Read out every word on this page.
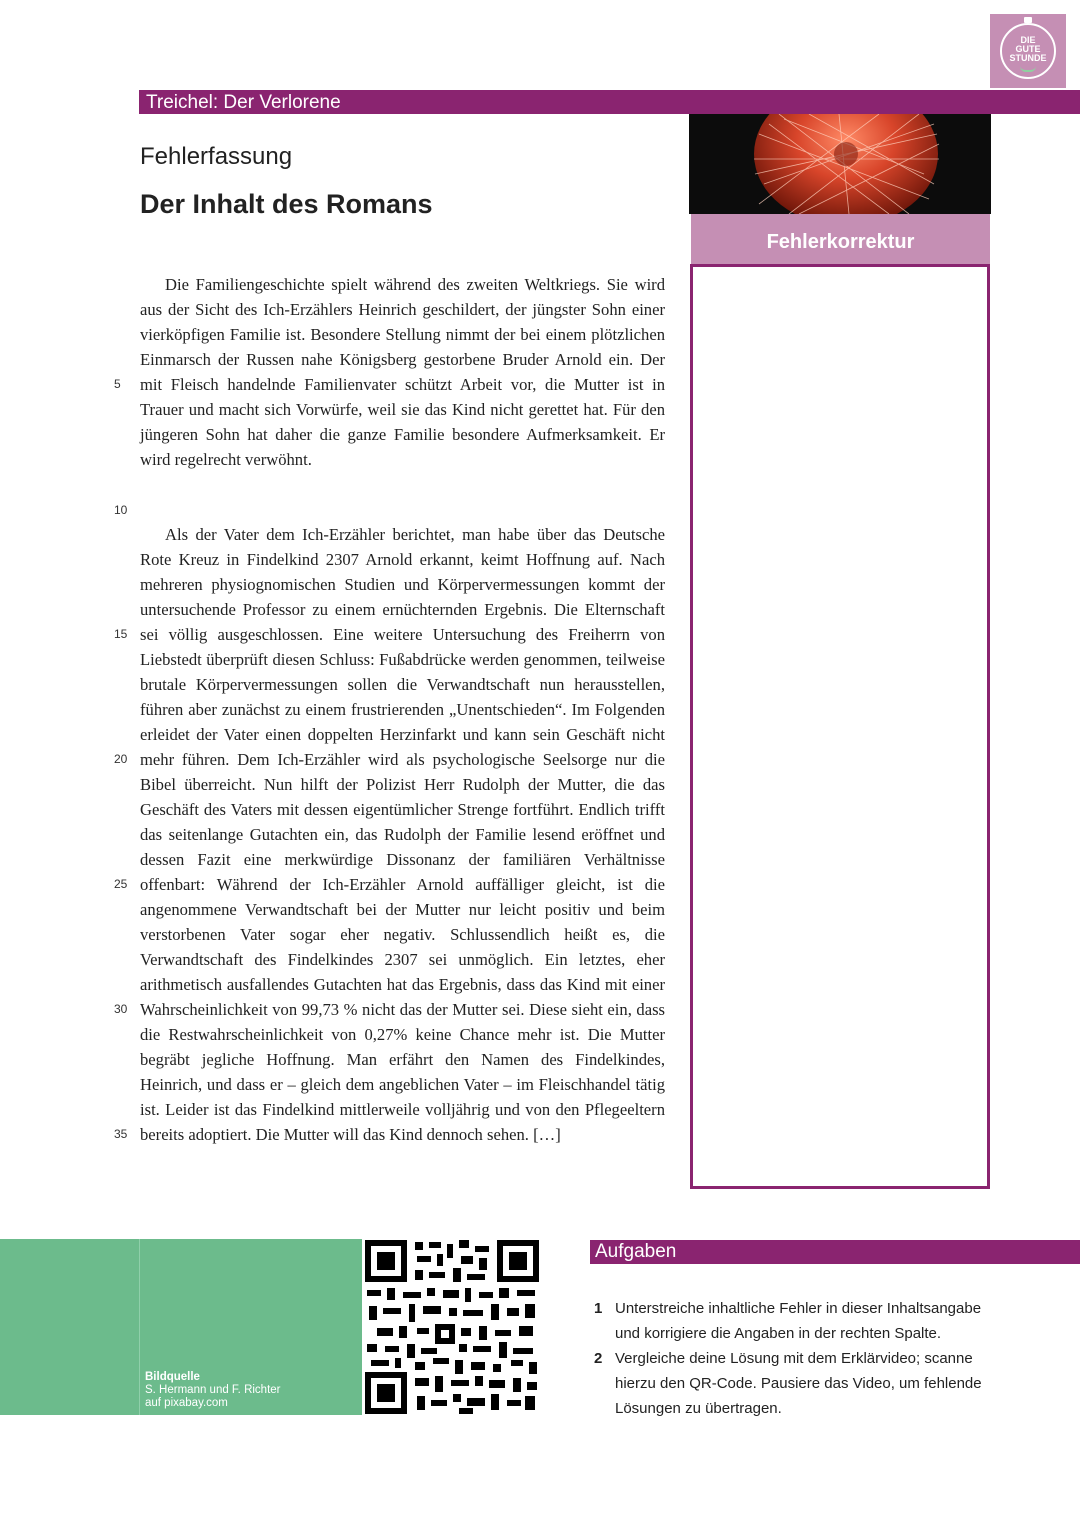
DIE
GUTE
STUNDE
Treichel: Der Verlorene
Fehlerkorrektur
Fehlerfassung
Der Inhalt des Romans

Die Familiengeschichte spielt während des zweiten Weltkriegs. Sie wird aus der Sicht des Ich-Erzählers Heinrich geschildert, der jüngster Sohn einer vierköpfigen Familie ist. Besondere Stellung nimmt der bei einem plötzlichen Einmarsch der Russen nahe Königsberg gestorbene Bruder Arnold ein. Der mit Fleisch handelnde Familienvater schützt Arbeit vor, die Mutter ist in Trauer und macht sich Vorwürfe, weil sie das Kind nicht gerettet hat. Für den jüngeren Sohn hat daher die ganze Familie besondere Aufmerksamkeit. Er wird regelrecht verwöhnt.

Als der Vater dem Ich-Erzähler berichtet, man habe über das Deutsche Rote Kreuz in Findelkind 2307 Arnold erkannt, keimt Hoffnung auf. Nach mehreren physiognomischen Studien und Körpervermessungen kommt der untersuchende Professor zu einem ernüchternden Ergebnis. Die Elternschaft sei völlig ausgeschlossen. Eine weitere Untersuchung des Freiherrn von Liebstedt überprüft diesen Schluss: Fußabdrücke werden genommen, teilweise brutale Körpervermessungen sollen die Verwandtschaft nun herausstellen, führen aber zunächst zu einem frustrierenden „Unentschieden“. Im Folgenden erleidet der Vater einen doppelten Herzinfarkt und kann sein Geschäft nicht mehr führen. Dem Ich-Erzähler wird als psychologische Seelsorge nur die Bibel überreicht. Nun hilft der Polizist Herr Rudolph der Mutter, die das Geschäft des Vaters mit dessen eigentümlicher Strenge fortführt. Endlich trifft das seitenlange Gutachten ein, das Rudolph der Familie lesend eröffnet und dessen Fazit eine merkwürdige Dissonanz der familiären Verhältnisse offenbart: Während der Ich-Erzähler Arnold auffälliger gleicht, ist die angenommene Verwandtschaft bei der Mutter nur leicht positiv und beim verstorbenen Vater sogar eher negativ. Schlussendlich heißt es, die Verwandtschaft des Findelkindes 2307 sei unmöglich. Ein letztes, eher arithmetisch ausfallendes Gutachten hat das Ergebnis, dass das Kind mit einer Wahrscheinlichkeit von 99,73 % nicht das der Mutter sei. Diese sieht ein, dass die Restwahrscheinlichkeit von 0,27% keine Chance mehr ist. Die Mutter begräbt jegliche Hoffnung. Man erfährt den Namen des Findelkindes, Heinrich, und dass er – gleich dem angeblichen Vater – im Fleischhandel tätig ist. Leider ist das Findelkind mittlerweile volljährig und von den Pflegeeltern bereits adoptiert. Die Mutter will das Kind dennoch sehen. […]

5
10
15
20
25
30
35
Bildquelle
S. Hermann und F. Richter
auf pixabay.com
Aufgaben
1 Unterstreiche inhaltliche Fehler in dieser Inhaltsangabe und korrigiere die Angaben in der rechten Spalte.
2 Vergleiche deine Lösung mit dem Erklärvideo; scanne hierzu den QR-Code. Pausiere das Video, um fehlende Lösungen zu übertragen.
